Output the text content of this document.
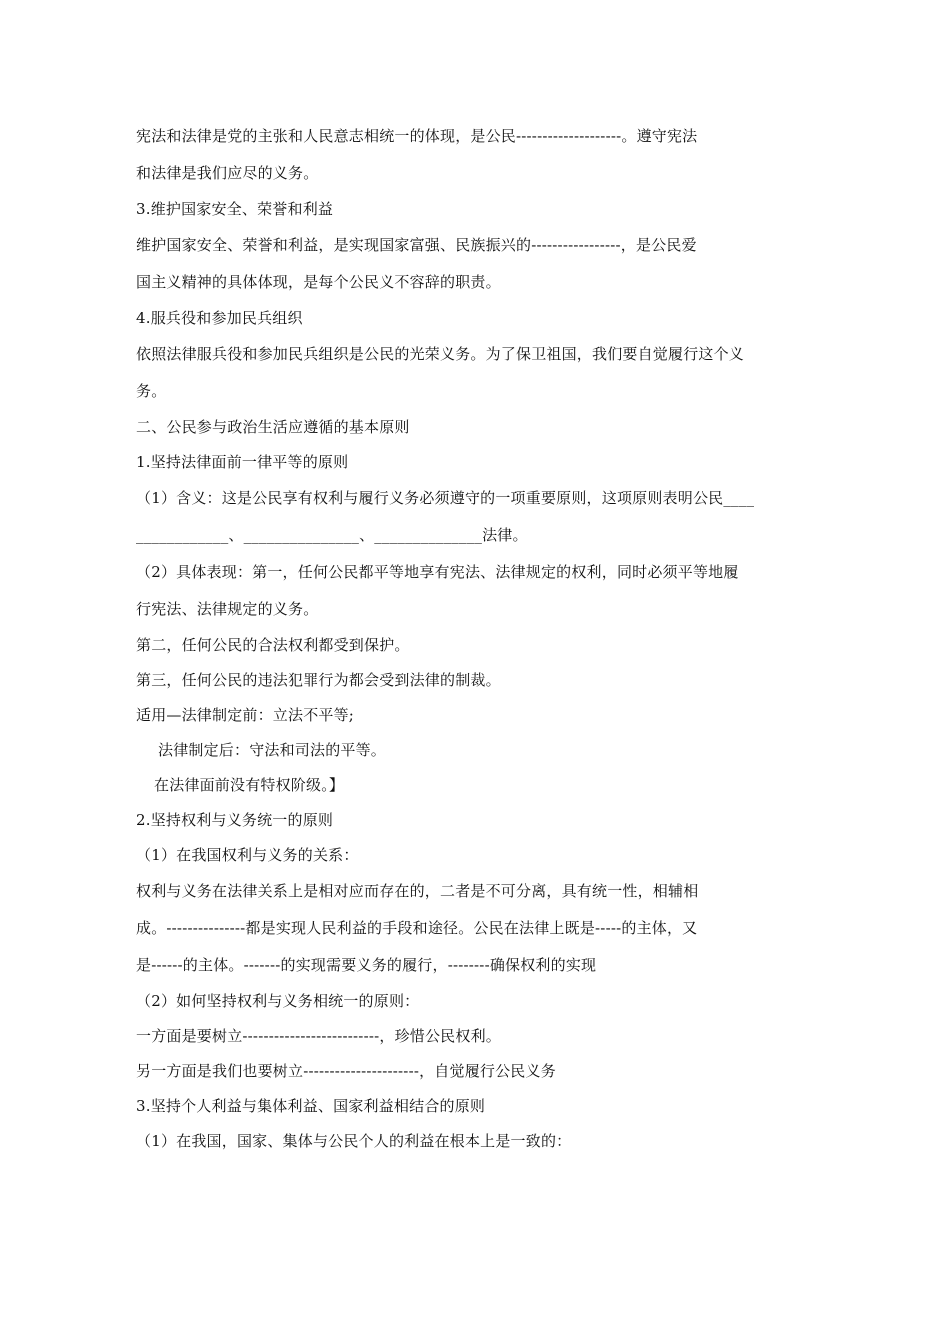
宪法和法律是党的主张和人民意志相统一的体现，是公民--------------------。遵守宪法

和法律是我们应尽的义务。

3.维护国家安全、荣誉和利益

维护国家安全、荣誉和利益，是实现国家富强、民族振兴的-----------------，是公民爱

国主义精神的具体体现，是每个公民义不容辞的职责。

4.服兵役和参加民兵组织

依照法律服兵役和参加民兵组织是公民的光荣义务。为了保卫祖国，我们要自觉履行这个义

务。

二、公民参与政治生活应遵循的基本原则

1.坚持法律面前一律平等的原则

（1）含义：这是公民享有权利与履行义务必须遵守的一项重要原则，这项原则表明公民____

____________、_______________、______________法律。

（2）具体表现：第一，任何公民都平等地享有宪法、法律规定的权利，同时必须平等地履

行宪法、法律规定的义务。

第二，任何公民的合法权利都受到保护。

第三，任何公民的违法犯罪行为都会受到法律的制裁。

适用—法律制定前：立法不平等;

法律制定后：守法和司法的平等。

在法律面前没有特权阶级。】

2.坚持权利与义务统一的原则

（1）在我国权利与义务的关系：

权利与义务在法律关系上是相对应而存在的，二者是不可分离，具有统一性，相辅相

成。---------------都是实现人民利益的手段和途径。公民在法律上既是-----的主体，又

是------的主体。-------的实现需要义务的履行，--------确保权利的实现

（2）如何坚持权利与义务相统一的原则：

一方面是要树立--------------------------，珍惜公民权利。

另一方面是我们也要树立----------------------，自觉履行公民义务

3.坚持个人利益与集体利益、国家利益相结合的原则

（1）在我国，国家、集体与公民个人的利益在根本上是一致的：
